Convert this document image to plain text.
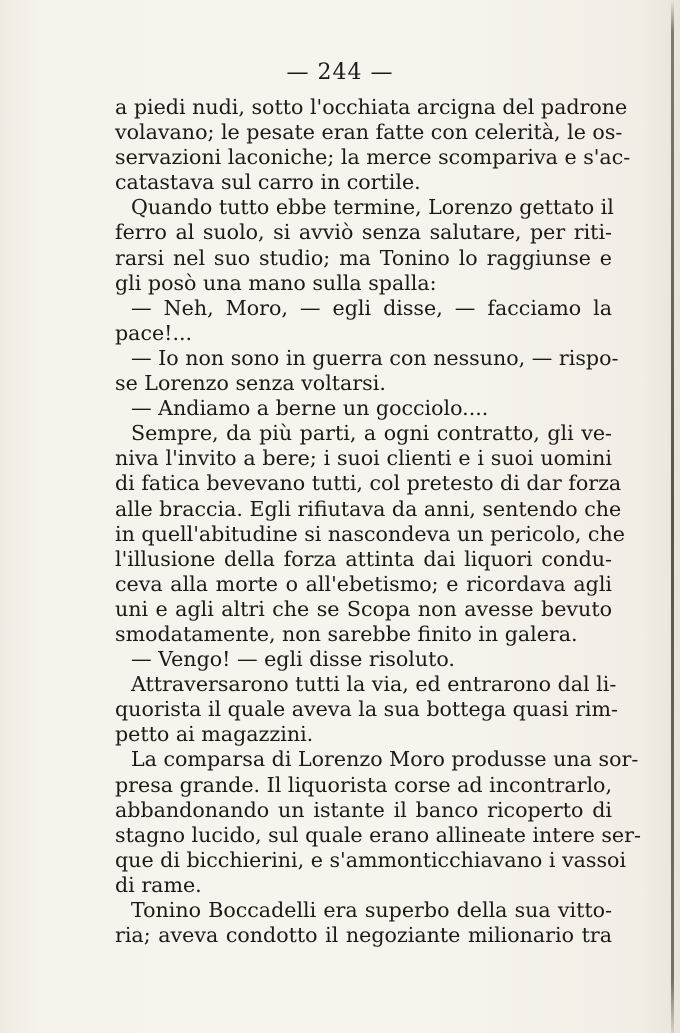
— 244 —
a piedi nudi, sotto l'occhiata arcigna del padrone
volavano; le pesate eran fatte con celerità, le os-
servazioni laconiche; la merce scompariva e s'ac-
catastava sul carro in cortile.
Quando tutto ebbe termine, Lorenzo gettato il
ferro al suolo, si avviò senza salutare, per riti-
rarsi nel suo studio; ma Tonino lo raggiunse e
gli posò una mano sulla spalla:
— Neh, Moro, — egli disse, — facciamo la
pace!...
— Io non sono in guerra con nessuno, — rispo-
se Lorenzo senza voltarsi.
— Andiamo a berne un gocciolo....
Sempre, da più parti, a ogni contratto, gli ve-
niva l'invito a bere; i suoi clienti e i suoi uomini
di fatica bevevano tutti, col pretesto di dar forza
alle braccia. Egli rifiutava da anni, sentendo che
in quell'abitudine si nascondeva un pericolo, che
l'illusione della forza attinta dai liquori condu-
ceva alla morte o all'ebetismo; e ricordava agli
uni e agli altri che se Scopa non avesse bevuto
smodatamente, non sarebbe finito in galera.
— Vengo! — egli disse risoluto.
Attraversarono tutti la via, ed entrarono dal li-
quorista il quale aveva la sua bottega quasi rim-
petto ai magazzini.
La comparsa di Lorenzo Moro produsse una sor-
presa grande. Il liquorista corse ad incontrarlo,
abbandonando un istante il banco ricoperto di
stagno lucido, sul quale erano allineate intere ser-
que di bicchierini, e s'ammonticchiavano i vassoi
di rame.
Tonino Boccadelli era superbo della sua vitto-
ria; aveva condotto il negoziante milionario tra
